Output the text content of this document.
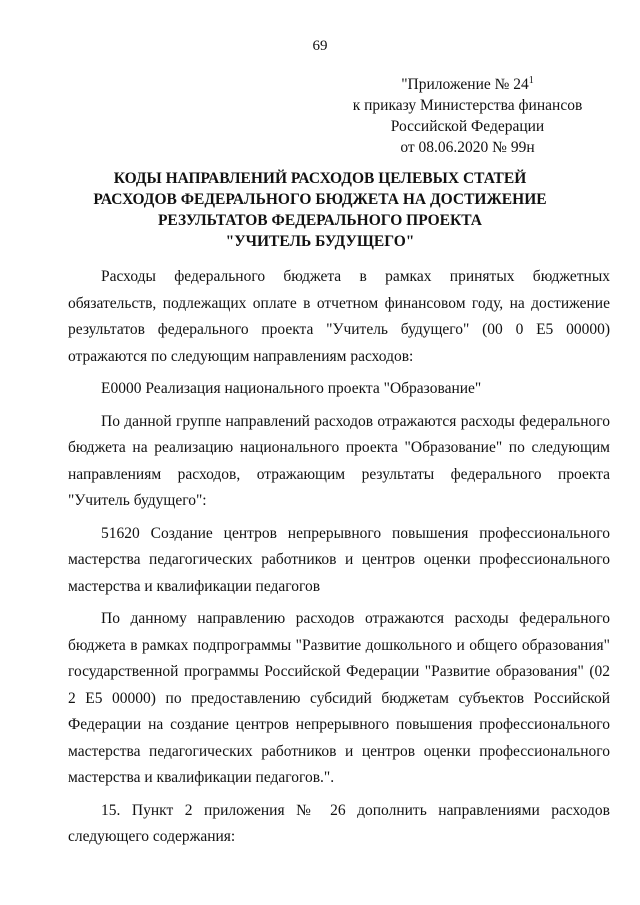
69
"Приложение № $24^1$
к приказу Министерства финансов
Российской Федерации
от 08.06.2020 № 99н
КОДЫ НАПРАВЛЕНИЙ РАСХОДОВ ЦЕЛЕВЫХ СТАТЕЙ
РАСХОДОВ ФЕДЕРАЛЬНОГО БЮДЖЕТА НА ДОСТИЖЕНИЕ
РЕЗУЛЬТАТОВ ФЕДЕРАЛЬНОГО ПРОЕКТА
"УЧИТЕЛЬ БУДУЩЕГО"

Расходы федерального бюджета в рамках принятых бюджетных обязательств, подлежащих оплате в отчетном финансовом году, на достижение результатов федерального проекта "Учитель будущего" (00 0 Е5 00000) отражаются по следующим направлениям расходов:

Е0000 Реализация национального проекта "Образование"

По данной группе направлений расходов отражаются расходы федерального бюджета на реализацию национального проекта "Образование" по следующим направлениям расходов, отражающим результаты федерального проекта "Учитель будущего":

51620 Создание центров непрерывного повышения профессионального мастерства педагогических работников и центров оценки профессионального мастерства и квалификации педагогов

По данному направлению расходов отражаются расходы федерального бюджета в рамках подпрограммы "Развитие дошкольного и общего образования" государственной программы Российской Федерации "Развитие образования" (02 2 Е5 00000) по предоставлению субсидий бюджетам субъектов Российской Федерации на создание центров непрерывного повышения профессионального мастерства педагогических работников и центров оценки профессионального мастерства и квалификации педагогов.".

15. Пункт 2 приложения № 26 дополнить направлениями расходов следующего содержания:
